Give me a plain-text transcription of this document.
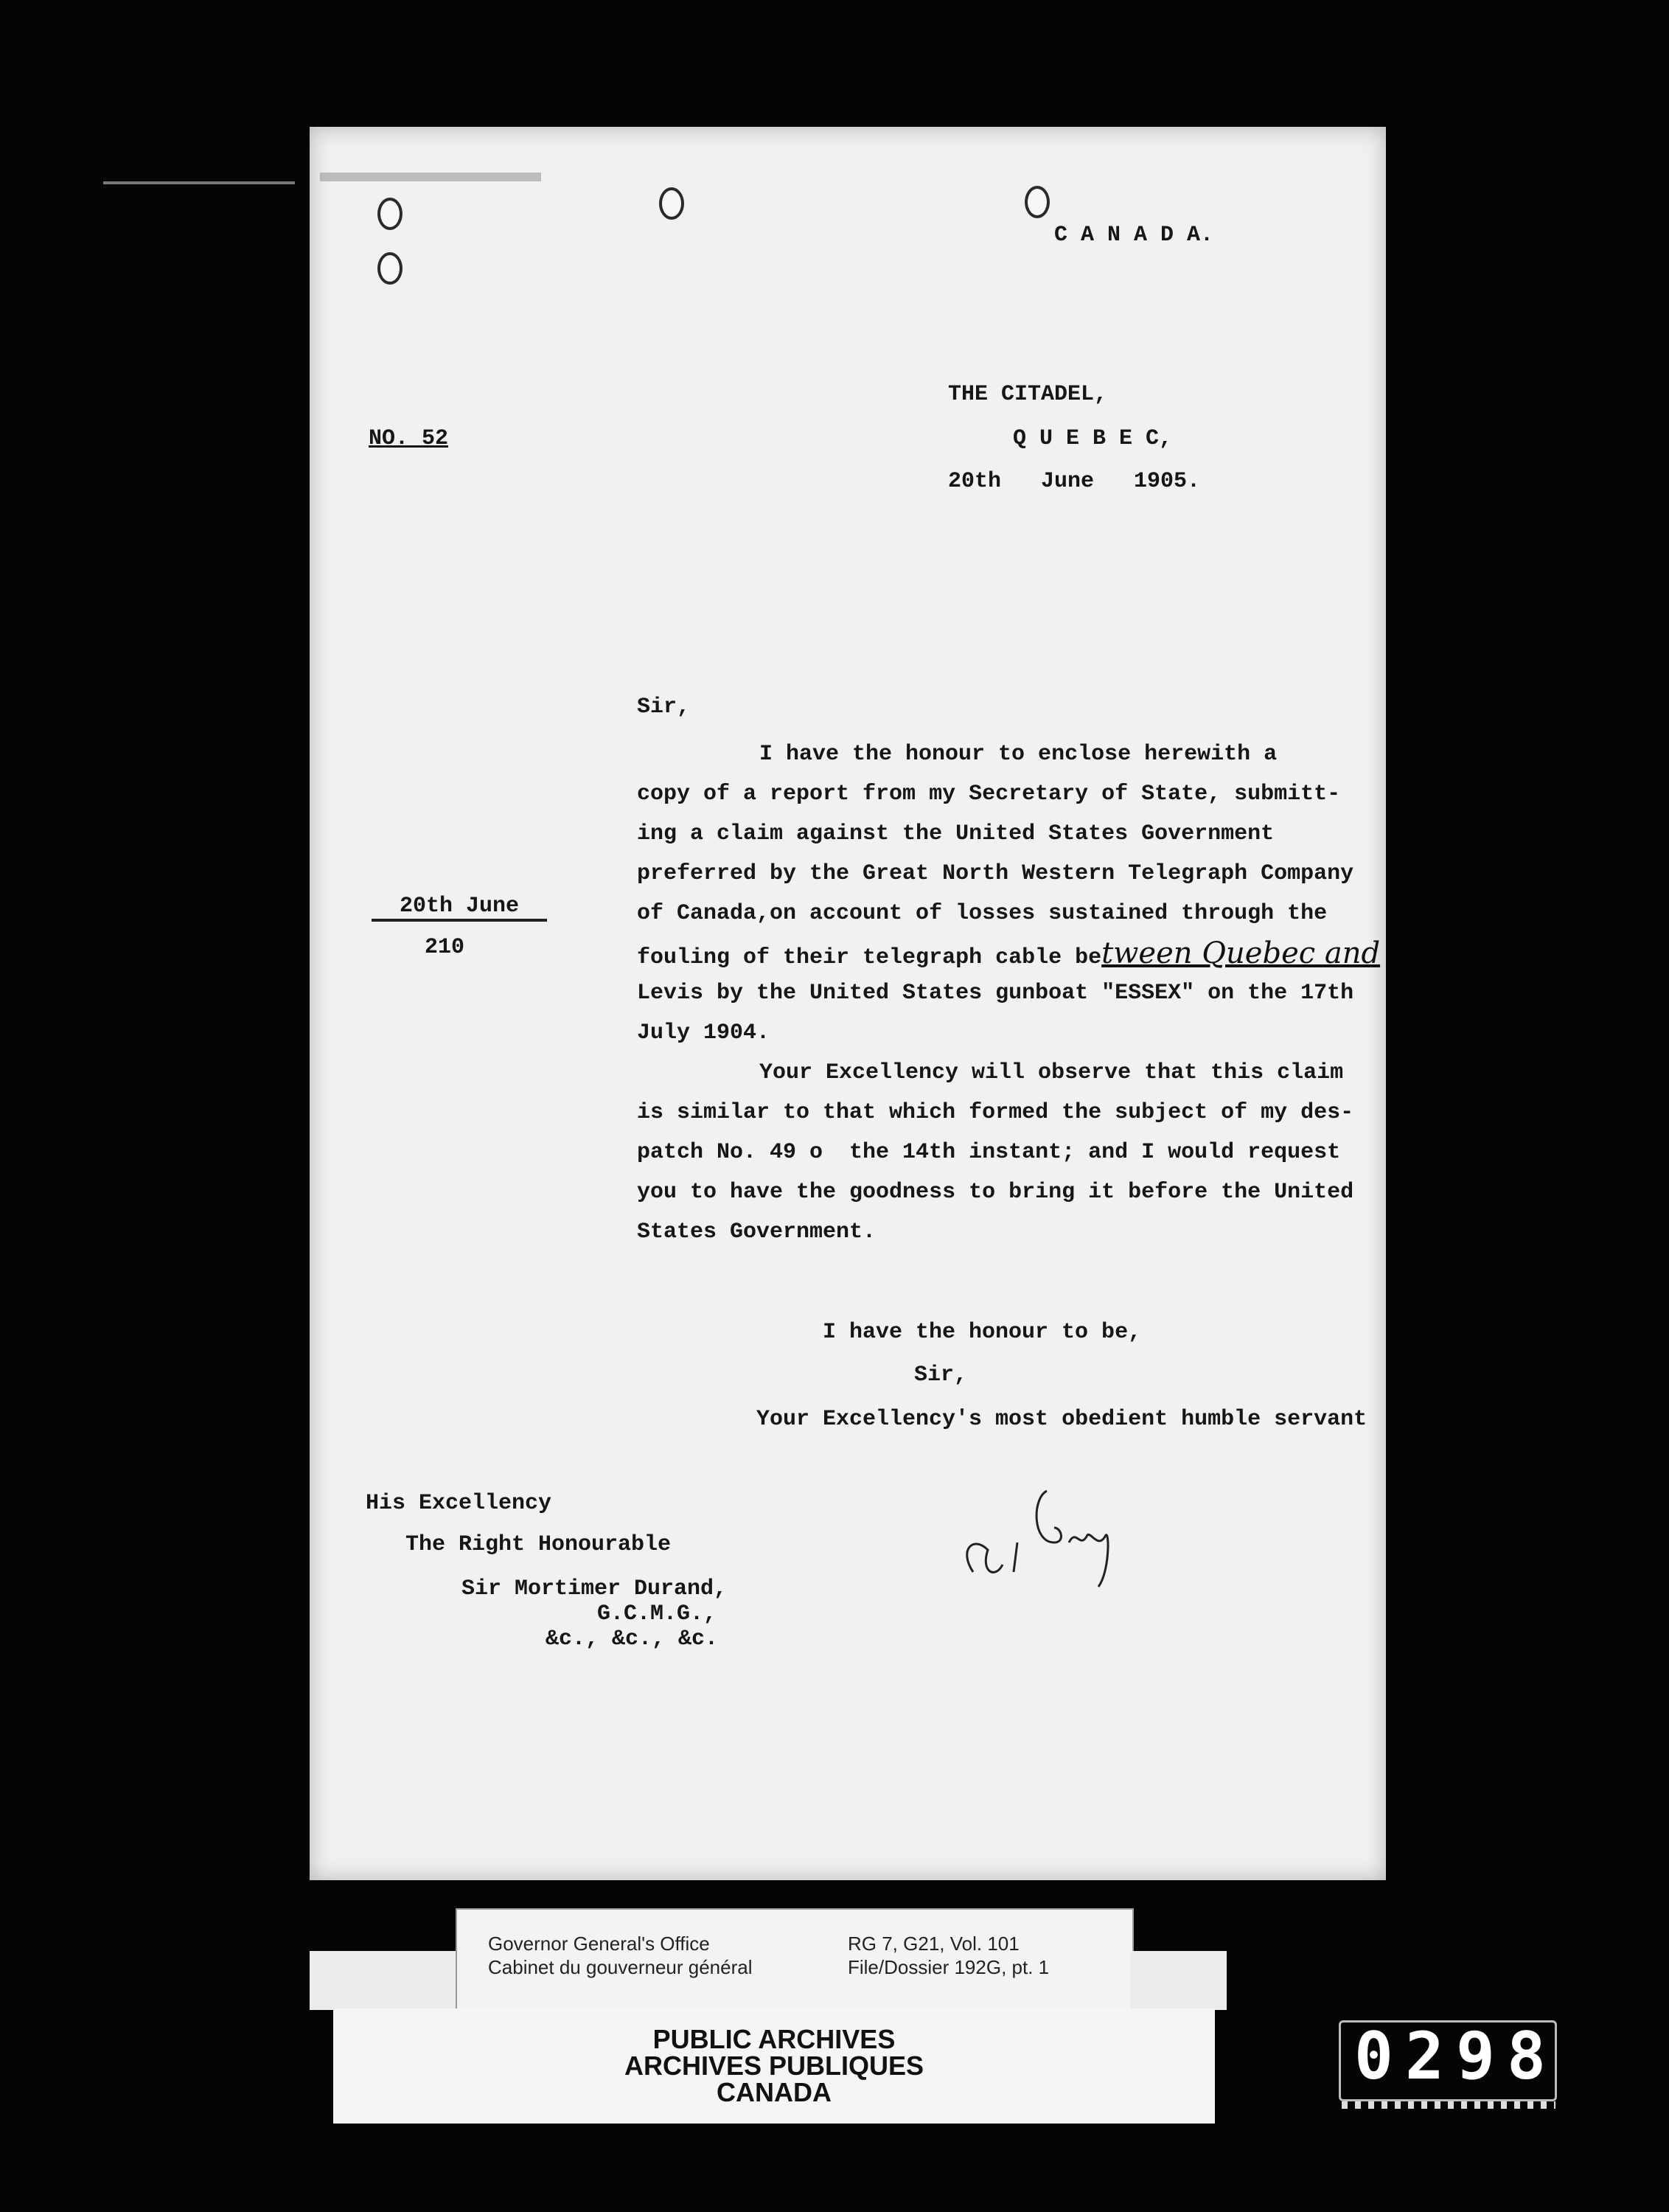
C A N A D A.
THE CITADEL,
Q U E B E C,
20th   June   1905.
NO. 52
20th June
210
Sir,
I have the honour to enclose herewith a
copy of a report from my Secretary of State, submitt-
ing a claim against the United States Government
preferred by the Great North Western Telegraph Company
of Canada,on account of losses sustained through the
fouling of their telegraph cable between Quebec and
Levis by the United States gunboat "ESSEX" on the 17th
July 1904.
Your Excellency will observe that this claim
is similar to that which formed the subject of my des-
patch No. 49 o  the 14th instant; and I would request
you to have the goodness to bring it before the United
States Government.
I have the honour to be,
Sir,
Your Excellency's most obedient humble servant
His Excellency
The Right Honourable
Sir Mortimer Durand,
G.C.M.G.,
&c., &c., &c.
Governor General's Office
Cabinet du gouverneur général
RG 7, G21, Vol. 101
File/Dossier 192G, pt. 1
PUBLIC ARCHIVES
ARCHIVES PUBLIQUES
CANADA	0298
